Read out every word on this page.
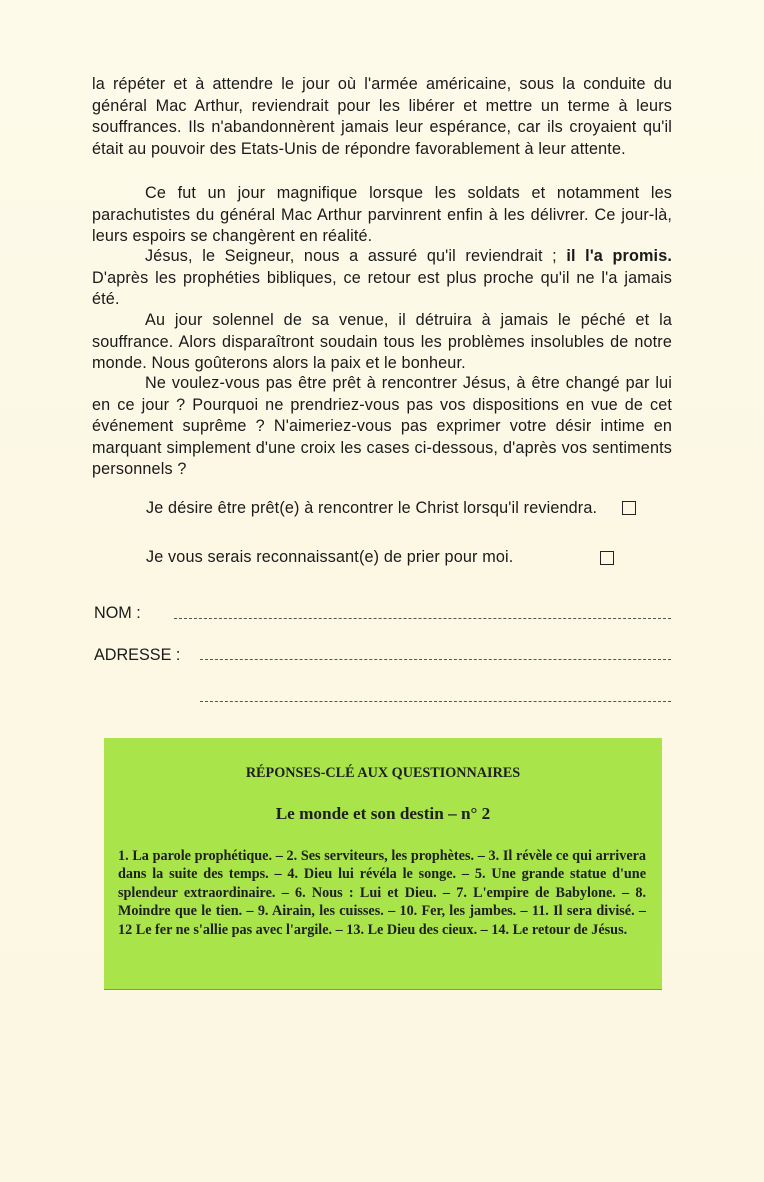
la répéter et à attendre le jour où l'armée américaine, sous la conduite du général Mac Arthur, reviendrait pour les libérer et mettre un terme à leurs souffrances. Ils n'abandonnèrent jamais leur espérance, car ils croyaient qu'il était au pouvoir des Etats-Unis de répondre favorablement à leur attente.

Ce fut un jour magnifique lorsque les soldats et notamment les parachutistes du général Mac Arthur parvinrent enfin à les délivrer. Ce jour-là, leurs espoirs se changèrent en réalité.

Jésus, le Seigneur, nous a assuré qu'il reviendrait ; il l'a promis. D'après les prophéties bibliques, ce retour est plus proche qu'il ne l'a jamais été.

Au jour solennel de sa venue, il détruira à jamais le péché et la souffrance. Alors disparaîtront soudain tous les problèmes insolubles de notre monde. Nous goûterons alors la paix et le bonheur.

Ne voulez-vous pas être prêt à rencontrer Jésus, à être changé par lui en ce jour ? Pourquoi ne prendriez-vous pas vos dispositions en vue de cet événement suprême ? N'aimeriez-vous pas exprimer votre désir intime en marquant simplement d'une croix les cases ci-dessous, d'après vos sentiments personnels ?

Je désire être prêt(e) à rencontrer le Christ lorsqu'il reviendra.
Je vous serais reconnaissant(e) de prier pour moi.
NOM :
ADRESSE :
RÉPONSES-CLÉ AUX QUESTIONNAIRES
Le monde et son destin – n° 2
1. La parole prophétique. – 2. Ses serviteurs, les prophètes. – 3. Il révèle ce qui arrivera dans la suite des temps. – 4. Dieu lui révéla le songe. – 5. Une grande statue d'une splendeur extraordinaire. – 6. Nous : Lui et Dieu. – 7. L'empire de Babylone. – 8. Moindre que le tien. – 9. Airain, les cuisses. – 10. Fer, les jambes. – 11. Il sera divisé.– 12 Le fer ne s'allie pas avec l'argile. – 13. Le Dieu des cieux. – 14. Le retour de Jésus.
